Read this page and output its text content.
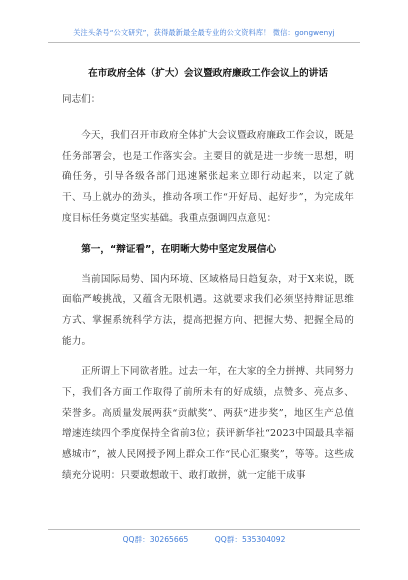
关注头条号“公文研究”，获得最新最全最专业的公文资料库！ 微信：gongwenyj
在市政府全体（扩大）会议暨政府廉政工作会议上的讲话

同志们：

今天，我们召开市政府全体扩大会议暨政府廉政工作会议，既是任务部署会，也是工作落实会。主要目的就是进一步统一思想，明确任务，引导各级各部门迅速紧张起来立即行动起来，以定了就干、马上就办的劲头，推动各项工作“开好局、起好步”，为完成年度目标任务奠定坚实基础。我重点强调四点意见：

第一，“辩证看”，在明晰大势中坚定发展信心

当前国际局势、国内环境、区域格局日趋复杂，对于X来说，既面临严峻挑战，又蕴含无限机遇。这就要求我们必须坚持辩证思维方式、掌握系统科学方法，提高把握方向、把握大势、把握全局的能力。

正所谓上下同欲者胜。过去一年，在大家的全力拼搏、共同努力下，我们各方面工作取得了前所未有的好成绩，点赞多、亮点多、荣誉多。高质量发展两获“贡献奖”、两获“进步奖”，地区生产总值增速连续四个季度保持全省前3位；获评新华社“2023中国最具幸福感城市”，被人民网授予网上群众工作“民心汇聚奖”，等等。这些成绩充分说明：只要敢想敢干、敢打敢拼，就一定能干成事

QQ群：30265665	QQ群：535304092
